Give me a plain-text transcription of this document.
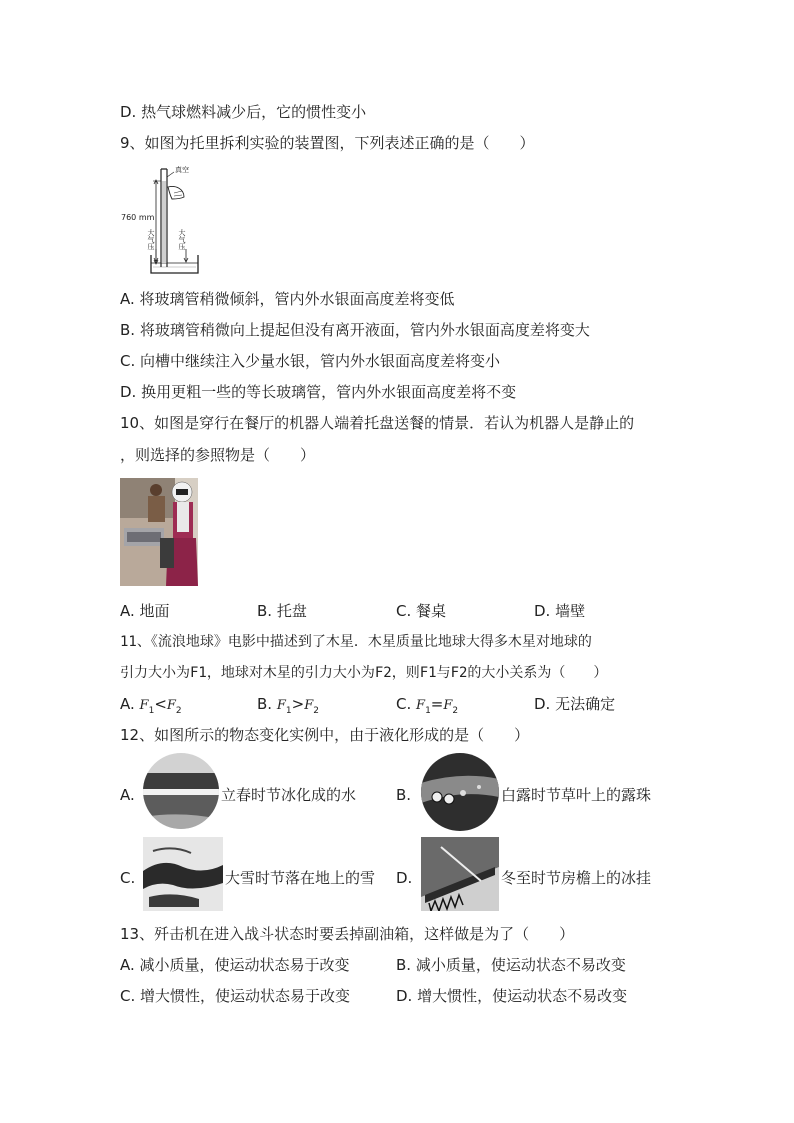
D. 热气球燃料减少后，它的惯性变小
9、如图为托里拆利实验的装置图，下列表述正确的是（　　）
760 mm
真空
大气压	大气压
A. 将玻璃管稍微倾斜，管内外水银面高度差将变低
B. 将玻璃管稍微向上提起但没有离开液面，管内外水银面高度差将变大
C. 向槽中继续注入少量水银，管内外水银面高度差将变小
D. 换用更粗一些的等长玻璃管，管内外水银面高度差将不变
10、如图是穿行在餐厅的机器人端着托盘送餐的情景．若认为机器人是静止的
，则选择的参照物是（　　）
A. 地面	B. 托盘	C. 餐桌	D. 墙壁
11、《流浪地球》电影中描述到了木星．木星质量比地球大得多木星对地球的
引力大小为F1，地球对木星的引力大小为F2，则F1与F2的大小关系为（　　）
A. $F_1<F_2$	B. $F_1>F_2$	C. $F_1=F_2$	D. 无法确定
12、如图所示的物态变化实例中，由于液化形成的是（　　）
A.	立春时节冰化成的水	B.	白露时节草叶上的露珠
C.	大雪时节落在地上的雪 D.	冬至时节房檐上的冰挂
13、歼击机在进入战斗状态时要丢掉副油箱，这样做是为了（　　）
A. 减小质量，使运动状态易于改变	B. 减小质量，使运动状态不易改变
C. 增大惯性，使运动状态易于改变	D. 增大惯性，使运动状态不易改变
